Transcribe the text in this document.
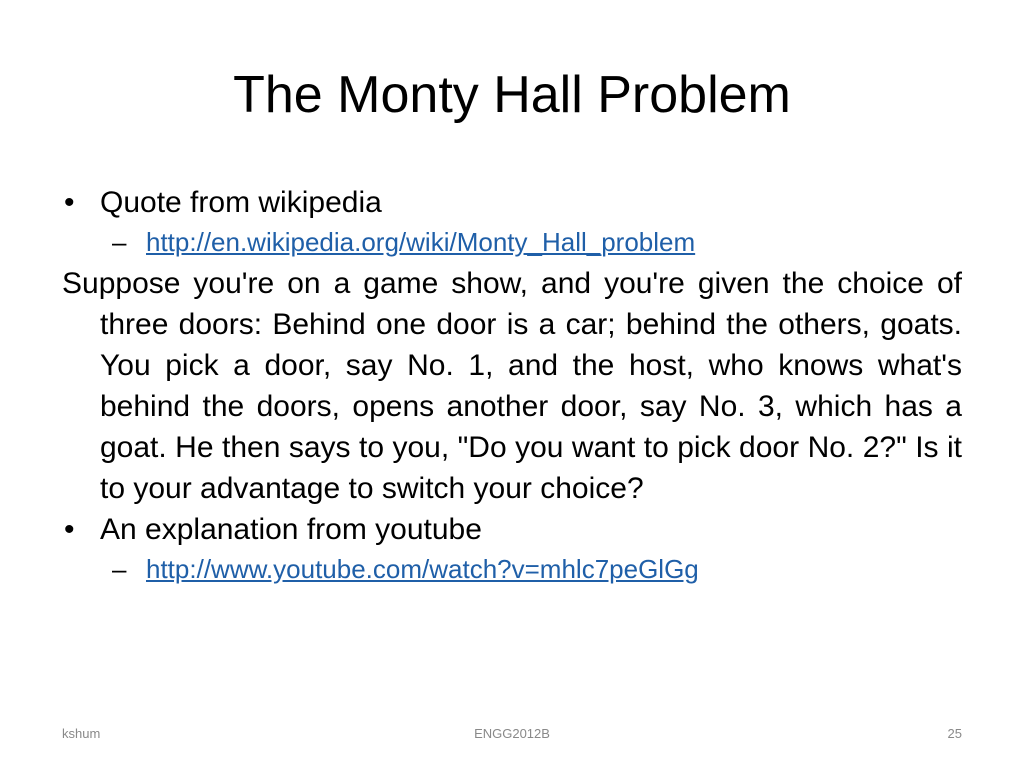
The Monty Hall Problem

• Quote from wikipedia

– http://en.wikipedia.org/wiki/Monty_Hall_problem

Suppose you're on a game show, and you're given the choice of three doors: Behind one door is a car; behind the others, goats. You pick a door, say No. 1, and the host, who knows what's behind the doors, opens another door, say No. 3, which has a goat. He then says to you, "Do you want to pick door No. 2?" Is it to your advantage to switch your choice?

• An explanation from youtube

– http://www.youtube.com/watch?v=mhlc7peGlGg

ENGG2012B
kshum	25
